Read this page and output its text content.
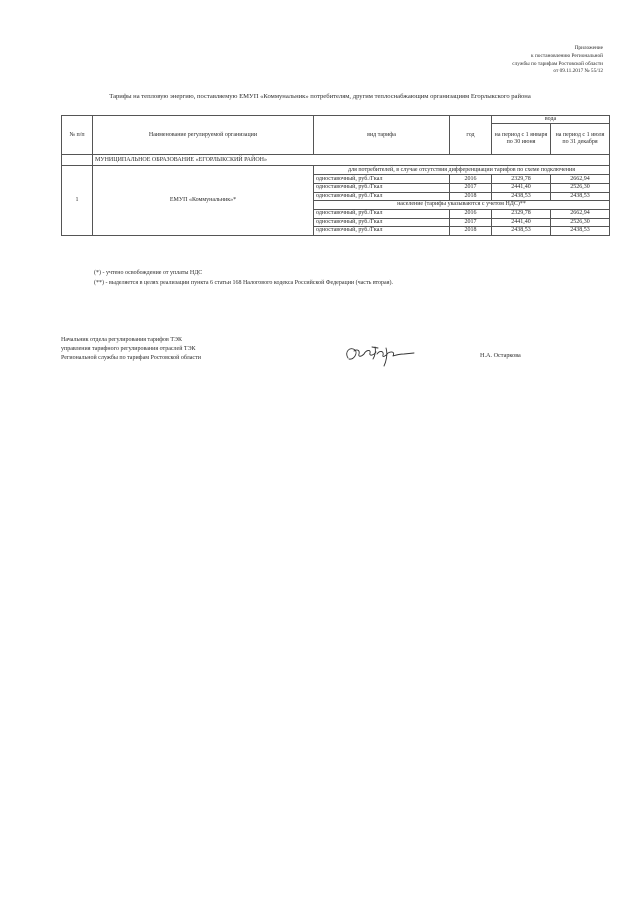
Приложение
к постановлению Региональной
службы по тарифам Ростовской области
от 09.11.2017 № 55/12
Тарифы на тепловую энергию, поставляемую ЕМУП «Коммунальник» потребителям, другим теплоснабжающим организациям Егорлыкского района
№ п/п	Наименование регулируемой организации	вид тарифа	год	вода	
				на период с 1 января по 30 июня	на период с 1 июля по 31 декабря
	МУНИЦИПАЛЬНОЕ ОБРАЗОВАНИЕ «ЕГОРЛЫКСКИЙ РАЙОН»				
1	ЕМУП «Коммунальник»*	для потребителей, в случае отсутствия дифференциации тарифов по схеме подключения			
		одноставочный, руб./Гкал	2016	2329,78	2662,94
		одноставочный, руб./Гкал	2017	2441,40	2526,30
		одноставочный, руб./Гкал	2018	2438,53	2438,53
		население (тарифы указываются с учетом НДС)**			
		одноставочный, руб./Гкал	2016	2329,78	2662,94
		одноставочный, руб./Гкал	2017	2441,40	2526,30
		одноставочный, руб./Гкал	2018	2438,53	2438,53
(*) - учтено освобождение от уплаты НДС
(**) - выделяется в целях реализации пункта 6 статьи 168 Налогового кодекса Российской Федерации (часть вторая).
Начальник отдела регулирования тарифов ТЭК
управления тарифного регулирования отраслей ТЭК
Региональной службы по тарифам Ростовской области	Н.А. Остаркова
